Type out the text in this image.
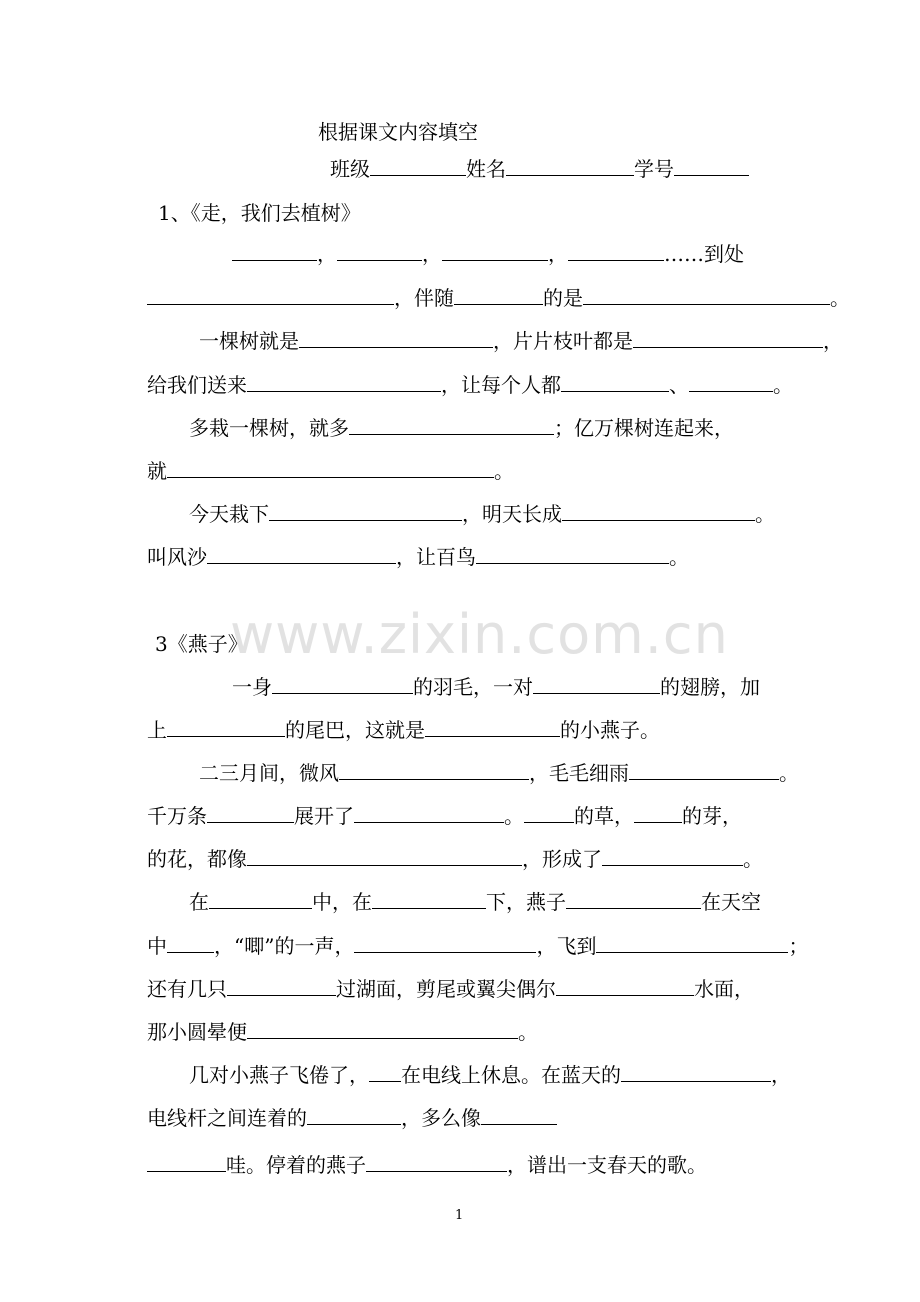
根据课文内容填空
班级	姓名	学号
1、《走，我们去植树》
，	，	，	……到处
，伴随	的是	。
一棵树就是	，片片枝叶都是	，
给我们送来	，让每个人都	、	。
多栽一棵树，就多	；亿万棵树连起来，
就	。
今天栽下	，明天长成	。
叫风沙	，让百鸟	。
www.zixin.com.cn
3《燕子》
一身	的羽毛，一对	的翅膀，加
上	的尾巴，这就是	的小燕子。
二三月间，微风	，毛毛细雨	。
千万条	展开了	。	的草， 的芽，
的花，都像	，形成了	。
在	中，在	下，燕子	在天空
中 ，“唧”的一声，	，飞到	；
还有几只	过湖面，剪尾或翼尖偶尔	水面，
那小圆晕便	。
几对小燕子飞倦了， 在电线上休息。在蓝天的	，
电线杆之间连着的	，多么像
哇。停着的燕子	，谱出一支春天的歌。
1
